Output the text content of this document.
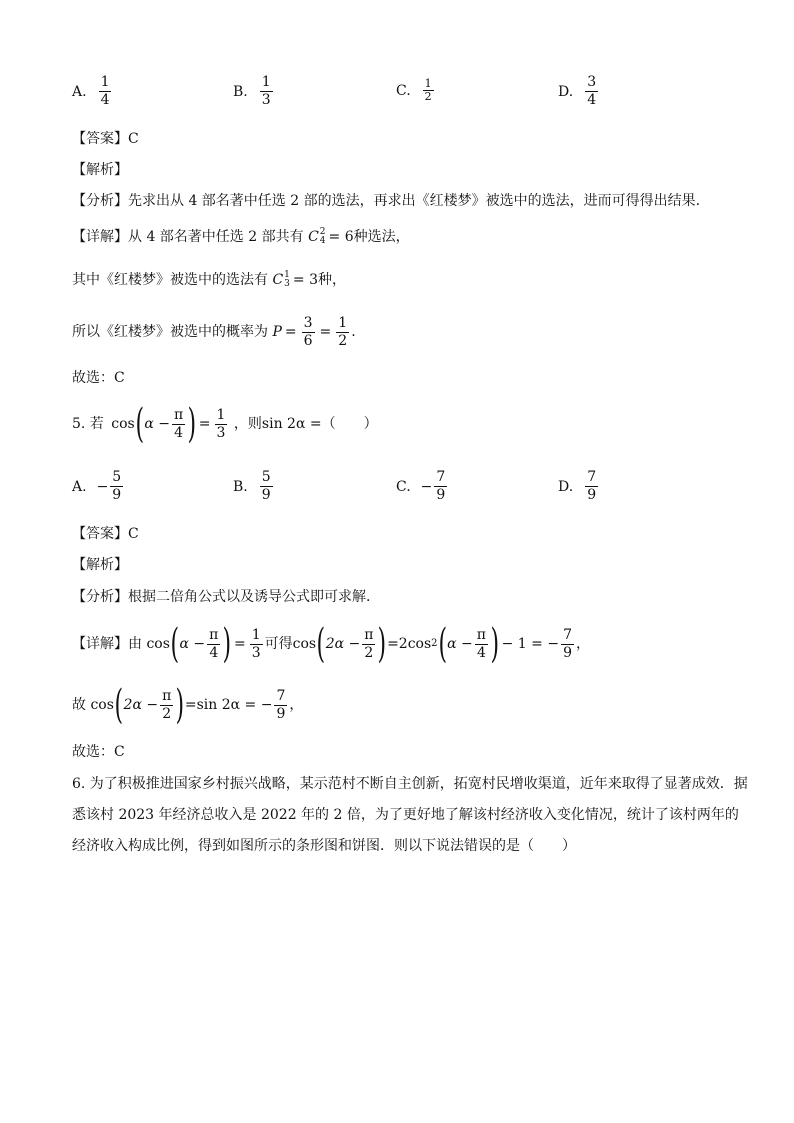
A. $\frac{1}{4}$	B. $\frac{1}{3}$	C. $\frac{1}{2}$	D. $\frac{3}{4}$
【答案】C
【解析】
【分析】先求出从 4 部名著中任选 2 部的选法，再求出《红楼梦》被选中的选法，进而可得得出结果.
【详解】从 4 部名著中任选 2 部共有 C 2
4 = 6 种选法，
其中《红楼梦》被选中的选法有 C 1
3 = 3 种，
所以《红楼梦》被选中的概率为 $P = \frac{3}{6} = \frac{1}{2}$ .
故选：C
5. 若 cos ( $\alpha - \frac{\pi}{4}$ ) = $\frac{1}{3}$ ，则sin 2α =（　　）
A. − $\frac{5}{9}$	B. $\frac{5}{9}$	C. − $\frac{7}{9}$	D. $\frac{7}{9}$
【答案】C
【解析】
【分析】根据二倍角公式以及诱导公式即可求解.
【详解】由 cos ( $\alpha - \frac{\pi}{4}$ ) = $\frac{1}{3}$ 可得 cos ( $2\alpha - \frac{\pi}{2}$ ) =2cos 2 ( $\alpha - \frac{\pi}{4}$ ) − 1 = − $\frac{7}{9}$ ，
故 cos ( $2\alpha - \frac{\pi}{2}$ ) =sin 2α = − $\frac{7}{9}$ ，
故选：C
6. 为了积极推进国家乡村振兴战略，某示范村不断自主创新，拓宽村民增收渠道，近年来取得了显著成效．据
悉该村 2023 年经济总收入是 2022 年的 2 倍，为了更好地了解该村经济收入变化情况，统计了该村两年的
经济收入构成比例，得到如图所示的条形图和饼图．则以下说法错误的是（　　）
